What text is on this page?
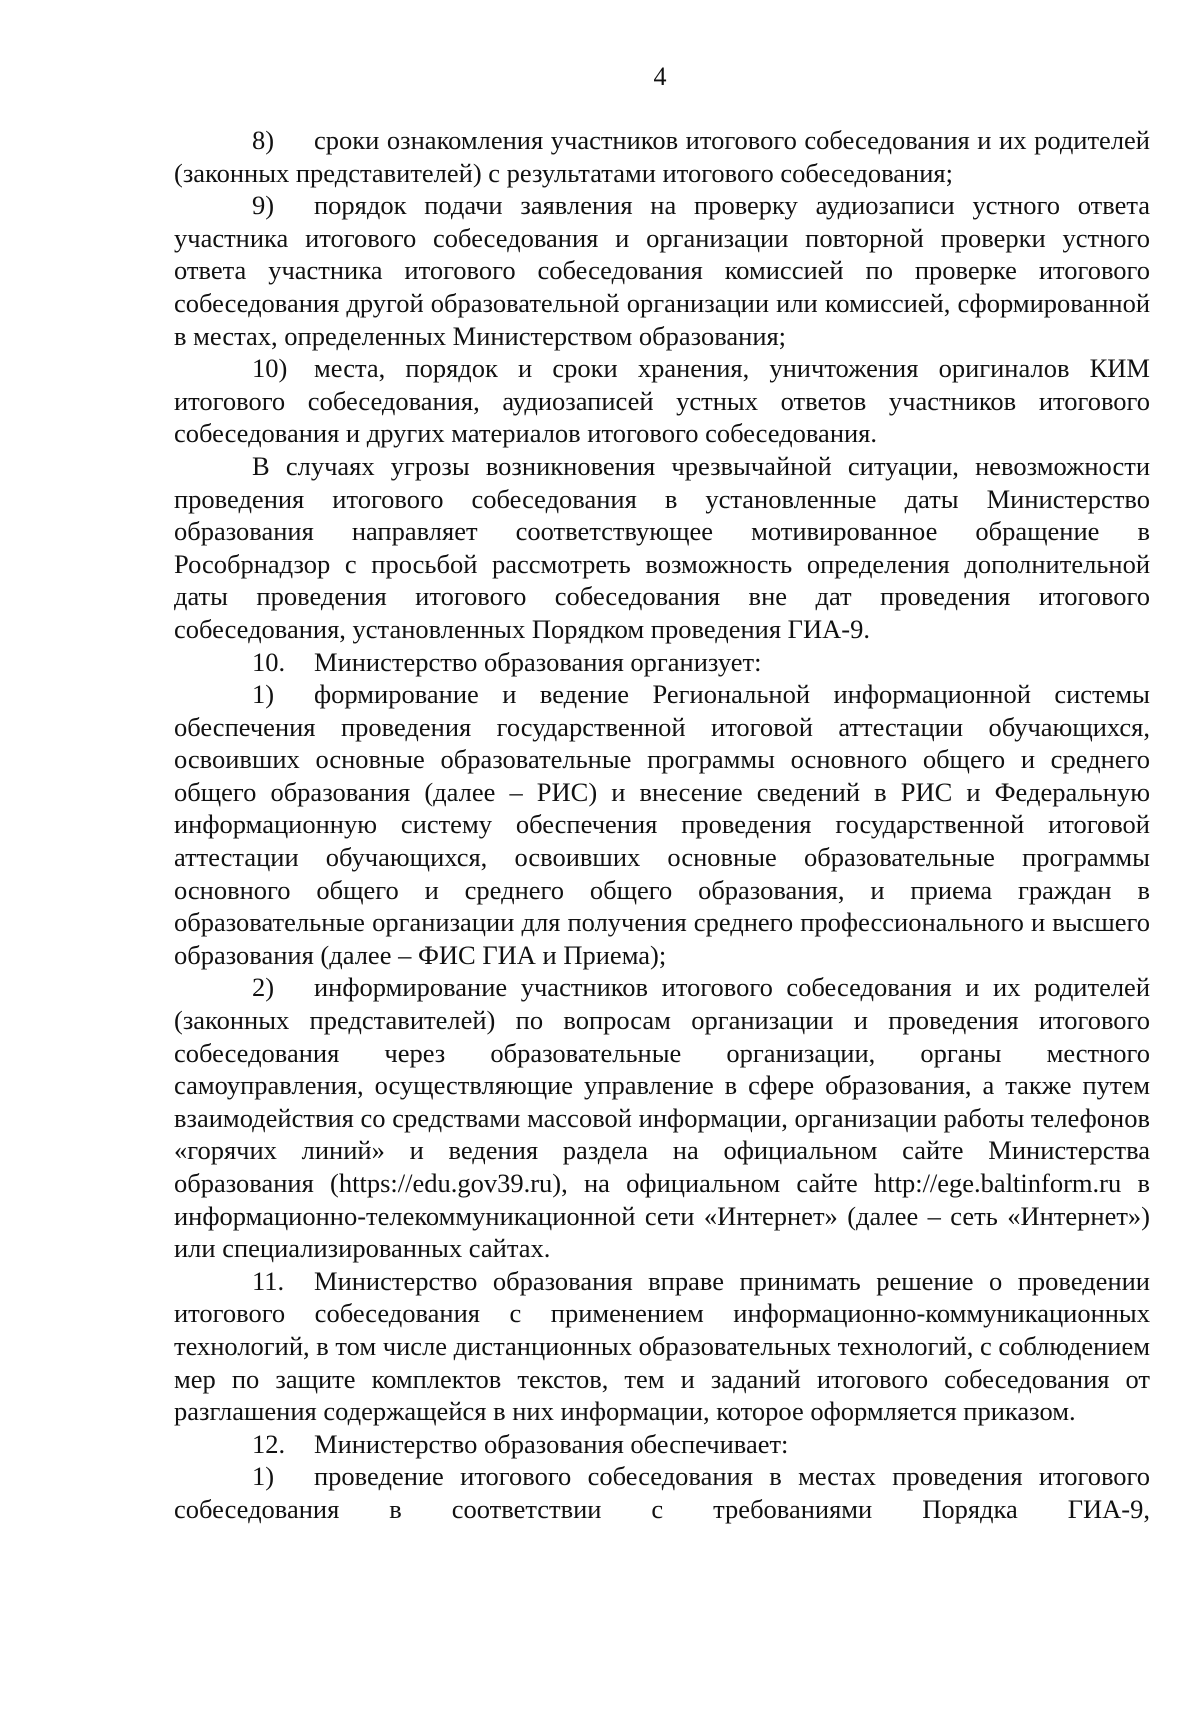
4

8) сроки ознакомления участников итогового собеседования и их родителей (законных представителей) с результатами итогового собеседования;

9) порядок подачи заявления на проверку аудиозаписи устного ответа участника итогового собеседования и организации повторной проверки устного ответа участника итогового собеседования комиссией по проверке итогового собеседования другой образовательной организации или комиссией, сформированной в местах, определенных Министерством образования;

10) места, порядок и сроки хранения, уничтожения оригиналов КИМ итогового собеседования, аудиозаписей устных ответов участников итогового собеседования и других материалов итогового собеседования.

В случаях угрозы возникновения чрезвычайной ситуации, невозможности проведения итогового собеседования в установленные даты Министерство образования направляет соответствующее мотивированное обращение в Рособрнадзор с просьбой рассмотреть возможность определения дополнительной даты проведения итогового собеседования вне дат проведения итогового собеседования, установленных Порядком проведения ГИА-9.

10. Министерство образования организует:

1) формирование и ведение Региональной информационной системы обеспечения проведения государственной итоговой аттестации обучающихся, освоивших основные образовательные программы основного общего и среднего общего образования (далее – РИС) и внесение сведений в РИС и Федеральную информационную систему обеспечения проведения государственной итоговой аттестации обучающихся, освоивших основные образовательные программы основного общего и среднего общего образования, и приема граждан в образовательные организации для получения среднего профессионального и высшего образования (далее – ФИС ГИА и Приема);

2) информирование участников итогового собеседования и их родителей (законных представителей) по вопросам организации и проведения итогового собеседования через образовательные организации, органы местного самоуправления, осуществляющие управление в сфере образования, а также путем взаимодействия со средствами массовой информации, организации работы телефонов «горячих линий» и ведения раздела на официальном сайте Министерства образования (https://edu.gov39.ru), на официальном сайте http://ege.baltinform.ru в информационно-телекоммуникационной сети «Интернет» (далее – сеть «Интернет») или специализированных сайтах.

11. Министерство образования вправе принимать решение о проведении итогового собеседования с применением информационно-коммуникационных технологий, в том числе дистанционных образовательных технологий, с соблюдением мер по защите комплектов текстов, тем и заданий итогового собеседования от разглашения содержащейся в них информации, которое оформляется приказом.

12. Министерство образования обеспечивает:

1) проведение итогового собеседования в местах проведения итогового собеседования в соответствии с требованиями Порядка ГИА-9,
